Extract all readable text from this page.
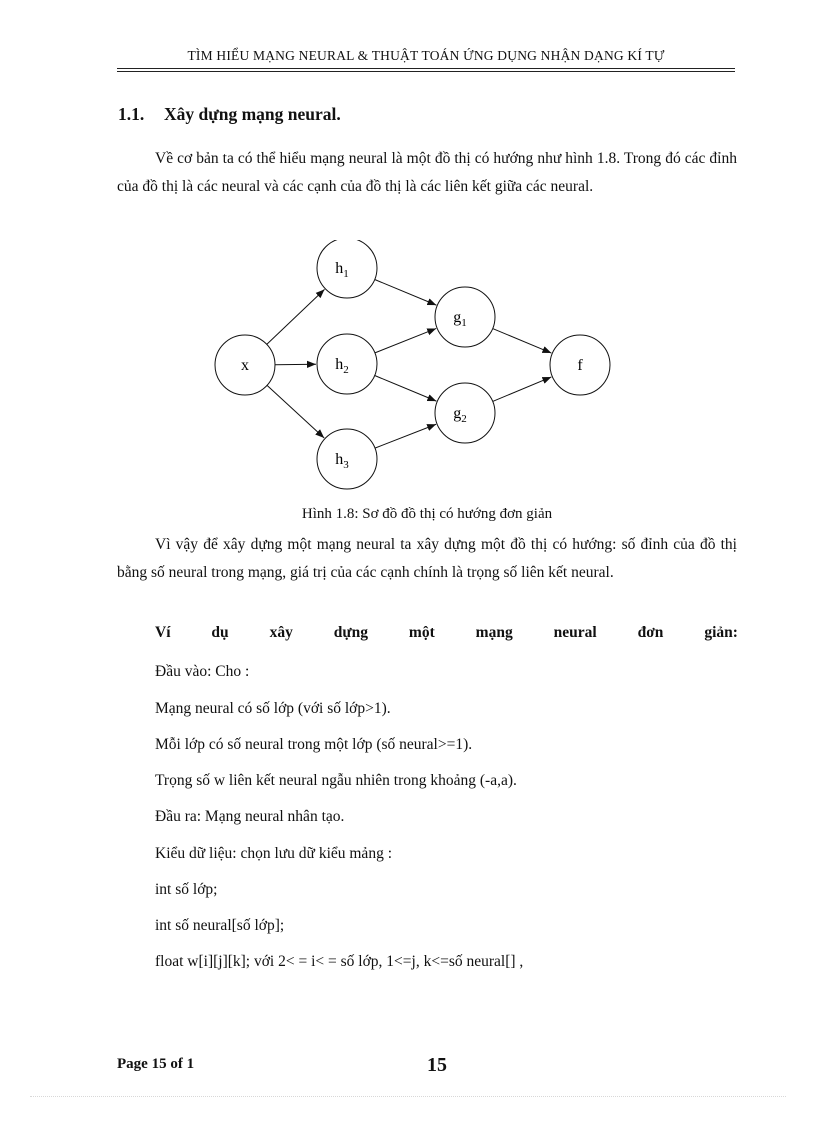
TÌM HIỂU MẠNG NEURAL & THUẬT TOÁN ỨNG DỤNG NHẬN DẠNG KÍ TỰ
1.1. Xây dựng mạng neural.

Về cơ bản ta có thể hiểu mạng neural là một đồ thị có hướng như hình 1.8. Trong đó các đỉnh của đồ thị là các neural và các cạnh của đồ thị là các liên kết giữa các neural.

x
$h_1$
$h_2$
$h_3$
$g_1$
$g_2$
f
Hình 1.8: Sơ đồ đồ thị có hướng đơn giản

Vì vậy để xây dựng một mạng neural ta xây dựng một đồ thị có hướng: số đỉnh của đồ thị bằng số neural trong mạng, giá trị của các cạnh chính là trọng số liên kết neural.

Ví	dụ	xây	dựng	một	mạng	neural	đơn	giản:
Đầu vào: Cho :
Mạng neural có số lớp (với số lớp>1).
Mỗi lớp có số neural trong một lớp (số neural>=1).
Trọng số w liên kết neural ngẫu nhiên trong khoảng (-a,a).
Đầu ra: Mạng neural nhân tạo.
Kiểu dữ liệu: chọn lưu dữ kiểu mảng :
int số lớp;
int số neural[số lớp];
float w[i][j][k]; với 2< = i< = số lớp, 1<=j, k<=số neural[] ,
Page 15 of 1	15
